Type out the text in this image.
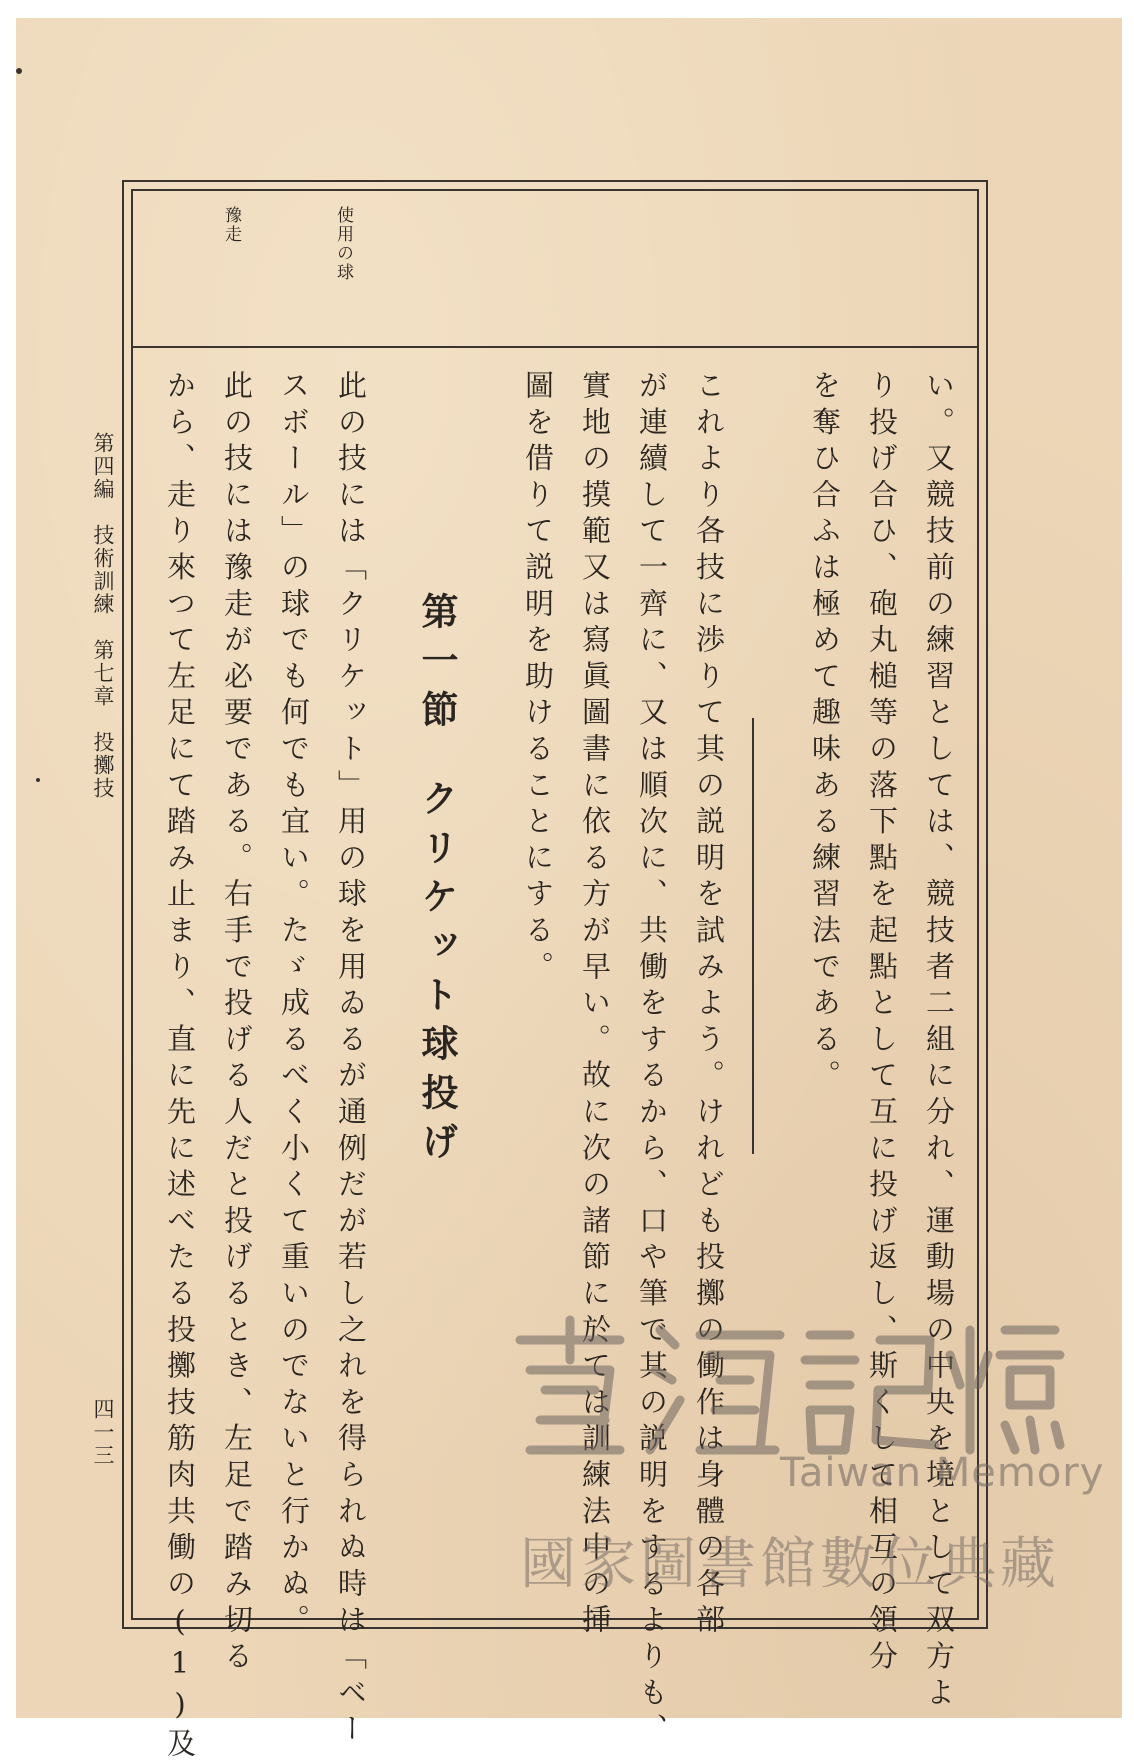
使用の球
豫走
い。又競技前の練習としては、競技者二組に分れ、運動場の中央を境として双方よ
り投げ合ひ、砲丸槌等の落下點を起點として互に投げ返し、斯くして相互の領分
を奪ひ合ふは極めて趣味ある練習法である。
これより各技に渉りて其の説明を試みよう。けれども投擲の働作は身體の各部
が連續して一齊に、又は順次に、共働をするから、口や筆で其の説明をするよりも、
實地の摸範又は寫眞圖書に依る方が早い。故に次の諸節に於ては訓練法中の挿
圖を借りて説明を助けることにする。
第一節クリケット球投げ
此の技には「クリケット」用の球を用ゐるが通例だが若し之れを得られぬ時は「ベー
スボール」の球でも何でも宜い。たゞ成るべく小くて重いのでないと行かぬ。
此の技には豫走が必要である。右手で投げる人だと投げるとき、左足で踏み切る
から、走り來つて左足にて踏み止まり、直に先に述べたる投擲技筋肉共働の(1)及
第四編　技術訓練　第七章　投擲技
四一三
Taiwan Memory
國家圖書館數位典藏
